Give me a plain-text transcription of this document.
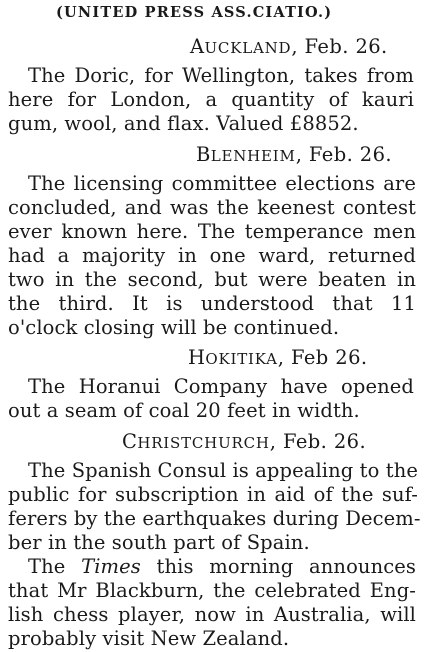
(UNITED PRESS ASS.CIATIO.)
AUCKLAND, Feb. 26.
The Doric, for Wellington, takes from
here for London, a quantity of kauri
gum, wool, and flax. Valued £8852.
BLENHEIM, Feb. 26.
The licensing committee elections are
concluded, and was the keenest contest
ever known here. The temperance men
had a majority in one ward, returned
two in the second, but were beaten in
the third. It is understood that 11
o'clock closing will be continued.
HOKITIKA, Feb 26.
The Horanui Company have opened
out a seam of coal 20 feet in width.
CHRISTCHURCH, Feb. 26.
The Spanish Consul is appealing to the
public for subscription in aid of the suf-
ferers by the earthquakes during Decem-
ber in the south part of Spain.
The Times this morning announces
that Mr Blackburn, the celebrated Eng-
lish chess player, now in Australia, will
probably visit New Zealand.
